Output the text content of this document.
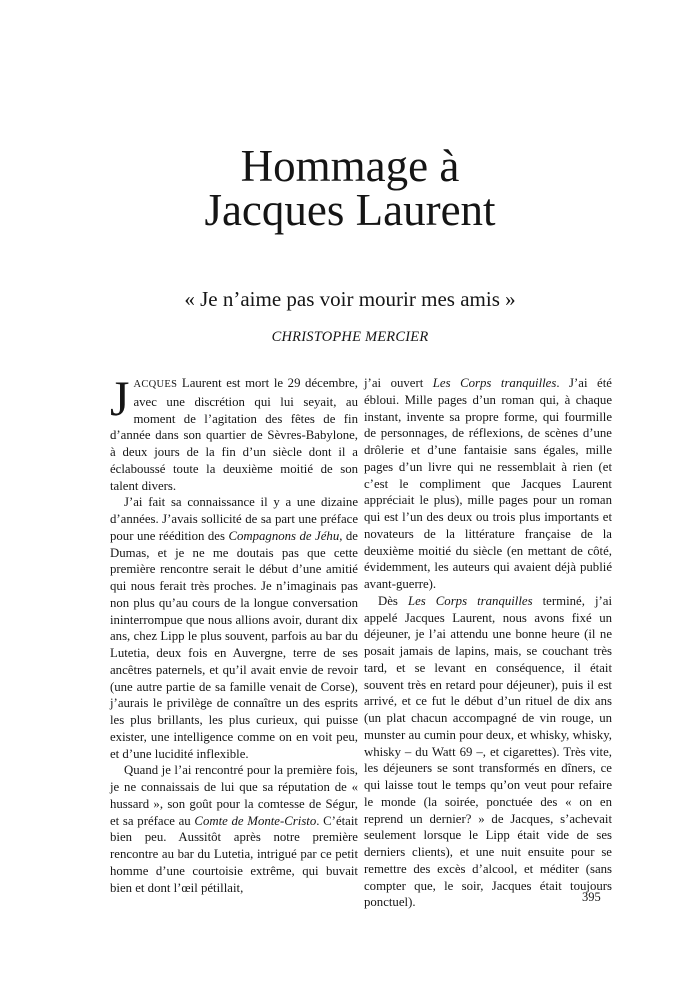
Hommage à
Jacques Laurent

« Je n’aime pas voir mourir mes amis »

CHRISTOPHE MERCIER

JACQUES Laurent est mort le 29 décembre, avec une discrétion qui lui seyait, au moment de l’agitation des fêtes de fin d’année dans son quartier de Sèvres-Babylone, à deux jours de la fin d’un siècle dont il a éclaboussé toute la deuxième moitié de son talent divers.

J’ai fait sa connaissance il y a une dizaine d’années. J’avais sollicité de sa part une préface pour une réédition des Compagnons de Jéhu, de Dumas, et je ne me doutais pas que cette première rencontre serait le début d’une amitié qui nous ferait très proches. Je n’imaginais pas non plus qu’au cours de la longue conversation ininterrompue que nous allions avoir, durant dix ans, chez Lipp le plus souvent, parfois au bar du Lutetia, deux fois en Auvergne, terre de ses ancêtres paternels, et qu’il avait envie de revoir (une autre partie de sa famille venait de Corse), j’aurais le privilège de connaître un des esprits les plus brillants, les plus curieux, qui puisse exister, une intelligence comme on en voit peu, et d’une lucidité inflexible.

Quand je l’ai rencontré pour la première fois, je ne connaissais de lui que sa réputation de « hussard », son goût pour la comtesse de Ségur, et sa préface au Comte de Monte-Cristo. C’était bien peu. Aussitôt après notre première rencontre au bar du Lutetia, intrigué par ce petit homme d’une courtoisie extrême, qui buvait bien et dont l’œil pétillait,

j’ai ouvert Les Corps tranquilles. J’ai été ébloui. Mille pages d’un roman qui, à chaque instant, invente sa propre forme, qui fourmille de personnages, de réflexions, de scènes d’une drôlerie et d’une fantaisie sans égales, mille pages d’un livre qui ne ressemblait à rien (et c’est le compliment que Jacques Laurent appréciait le plus), mille pages pour un roman qui est l’un des deux ou trois plus importants et novateurs de la littérature française de la deuxième moitié du siècle (en mettant de côté, évidemment, les auteurs qui avaient déjà publié avant-guerre).

Dès Les Corps tranquilles terminé, j’ai appelé Jacques Laurent, nous avons fixé un déjeuner, je l’ai attendu une bonne heure (il ne posait jamais de lapins, mais, se couchant très tard, et se levant en conséquence, il était souvent très en retard pour déjeuner), puis il est arrivé, et ce fut le début d’un rituel de dix ans (un plat chacun accompagné de vin rouge, un munster au cumin pour deux, et whisky, whisky, whisky – du Watt 69 –, et cigarettes). Très vite, les déjeuners se sont transformés en dîners, ce qui laisse tout le temps qu’on veut pour refaire le monde (la soirée, ponctuée des « on en reprend un dernier? » de Jacques, s’achevait seulement lorsque le Lipp était vide de ses derniers clients), et une nuit ensuite pour se remettre des excès d’alcool, et méditer (sans compter que, le soir, Jacques était toujours ponctuel).	395
